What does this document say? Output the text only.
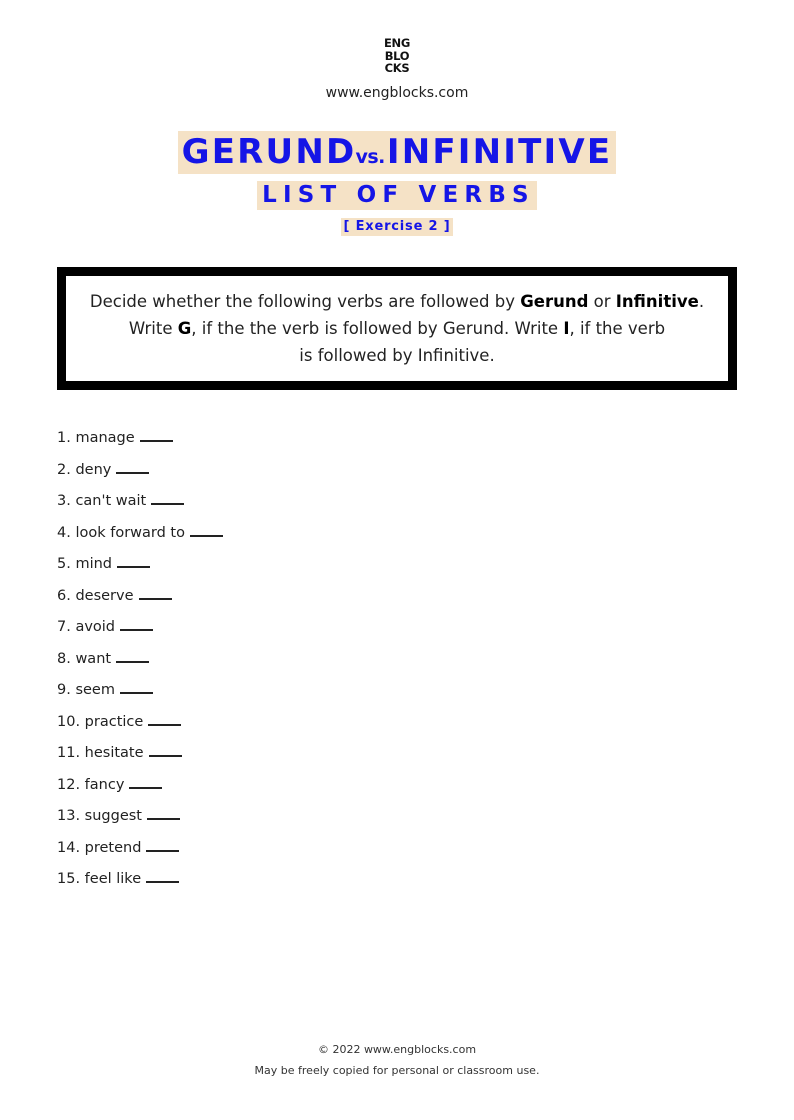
ENG
BLO
CKS
www.engblocks.com
GERUNDvs.INFINITIVE
LIST OF VERBS
[ Exercise 2 ]
Decide whether the following verbs are followed by Gerund or Infinitive.
Write G, if the the verb is followed by Gerund. Write I, if the verb
is followed by Infinitive.
1. manage
2. deny
3. can't wait
4. look forward to
5. mind
6. deserve
7. avoid
8. want
9. seem
10. practice
11. hesitate
12. fancy
13. suggest
14. pretend
15. feel like
© 2022 www.engblocks.com
May be freely copied for personal or classroom use.
